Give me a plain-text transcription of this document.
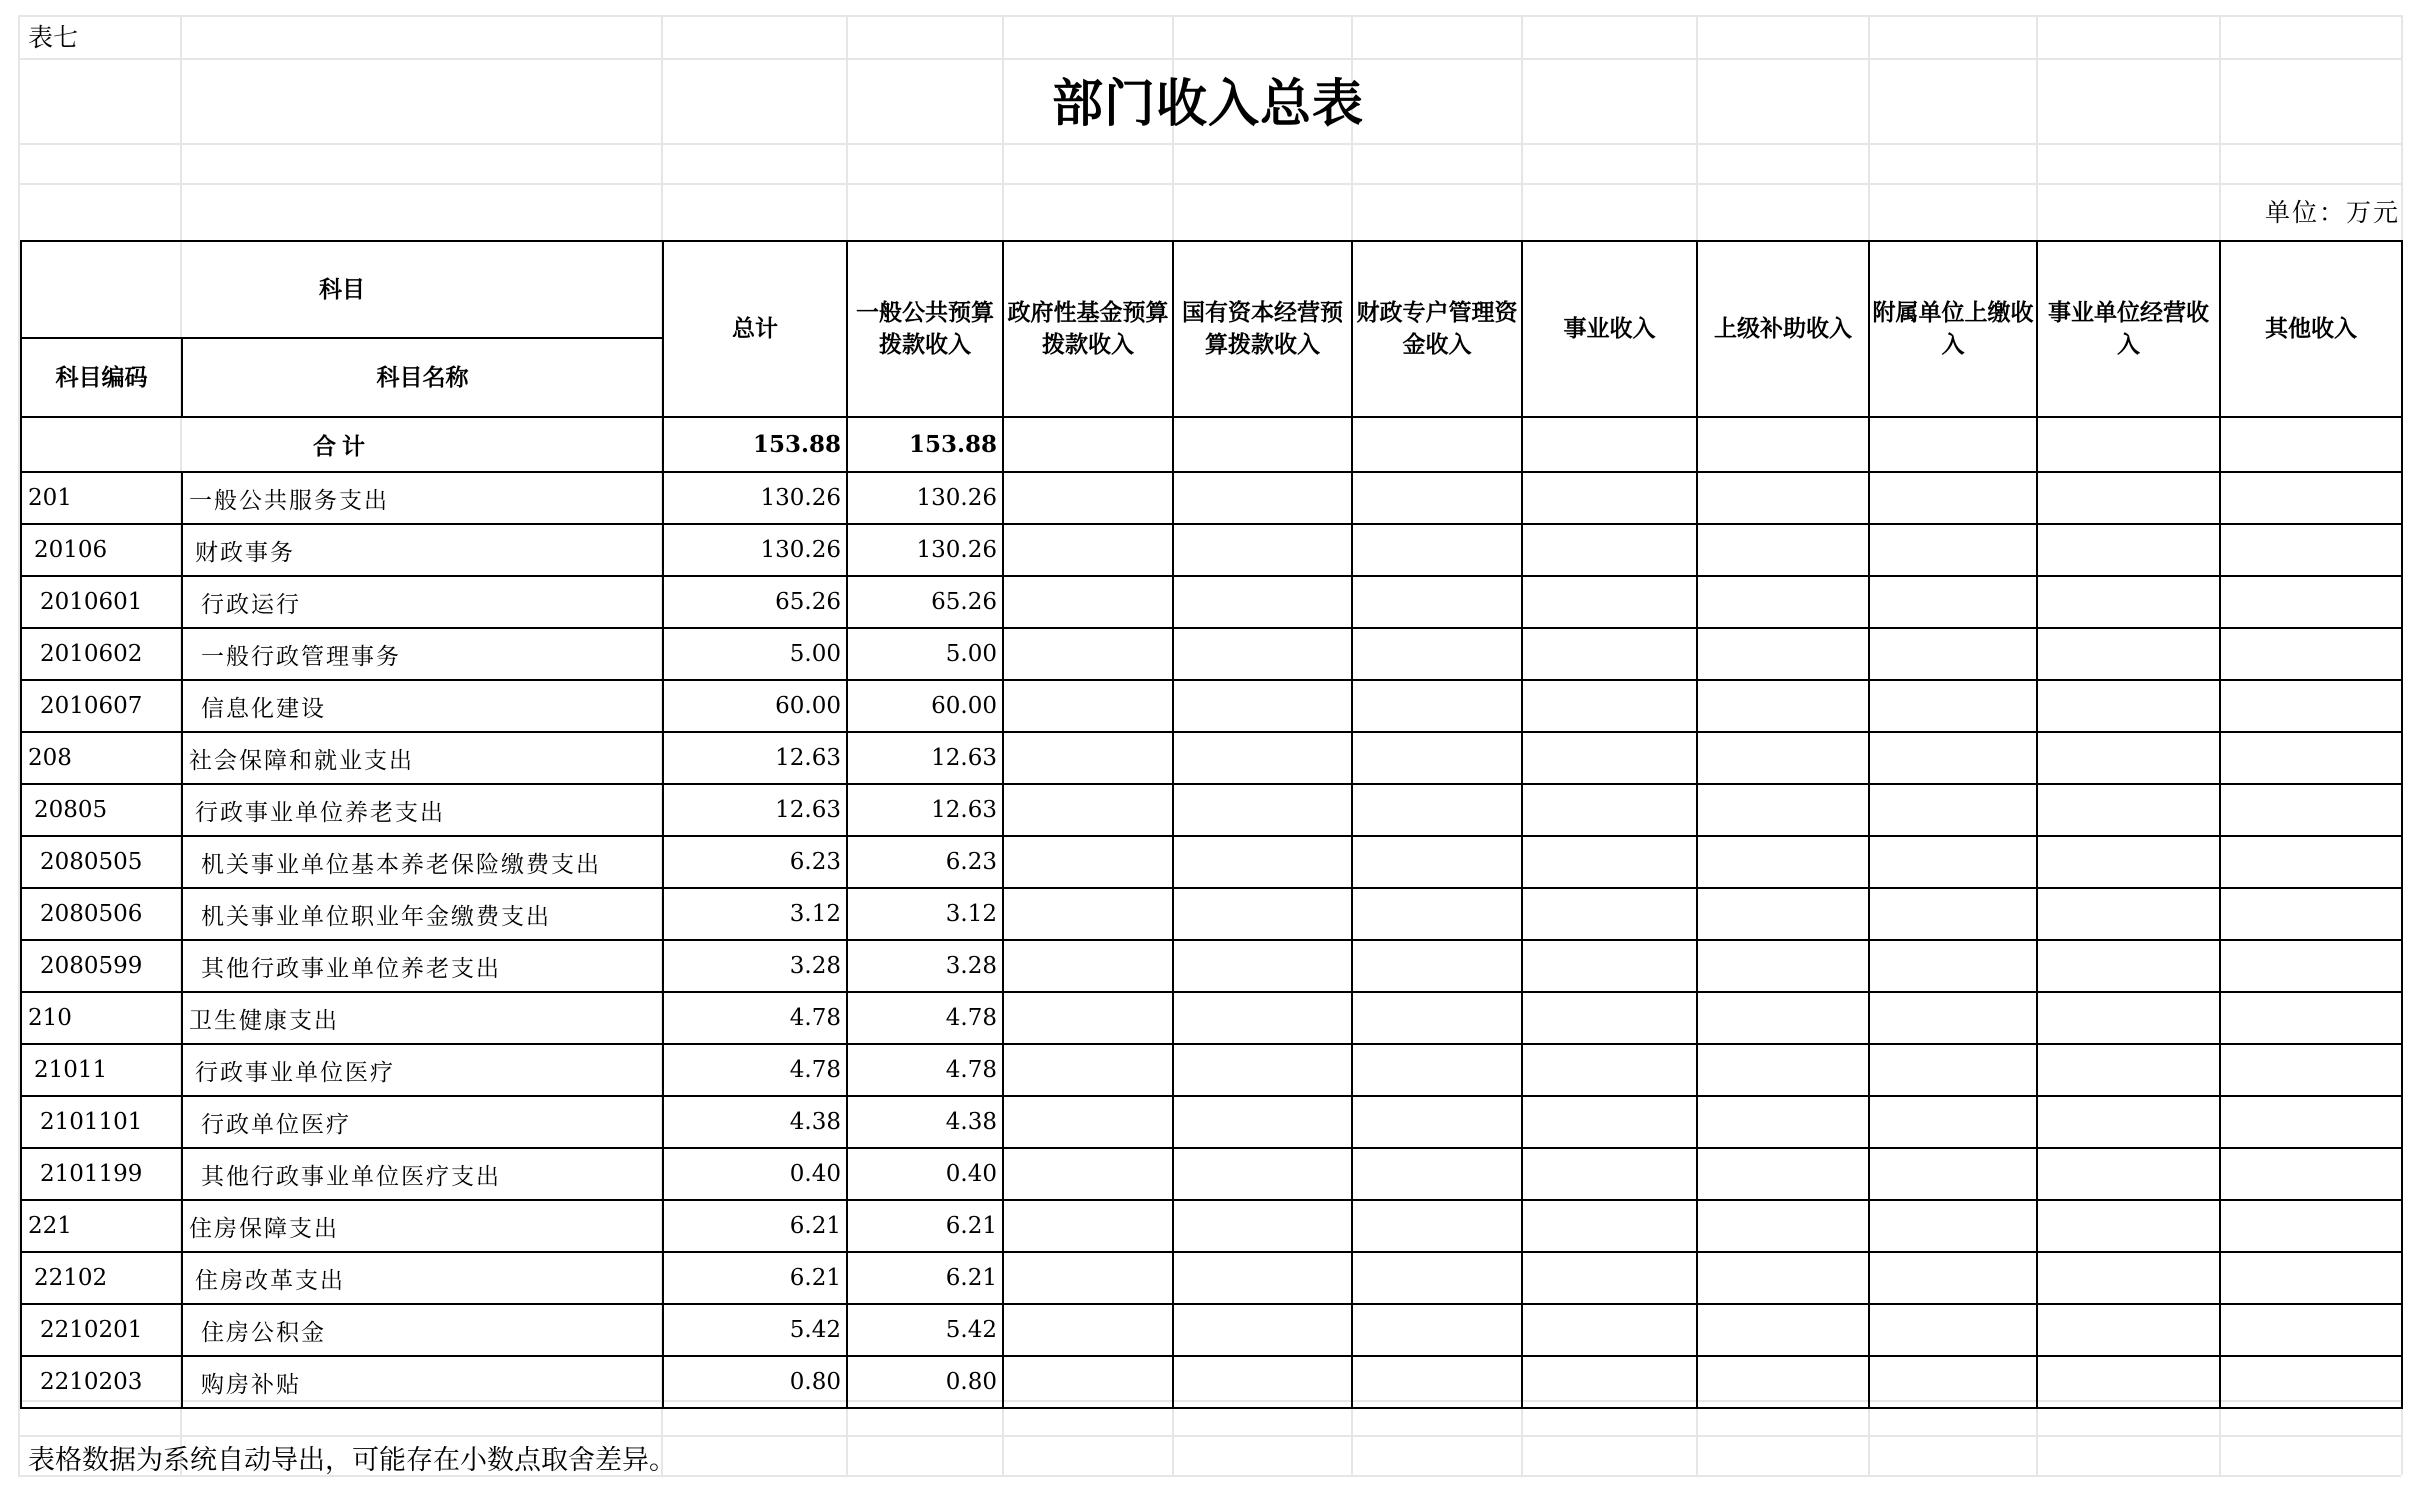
表七
部门收入总表
单位：万元
科目		总计	一般公共预算拨款收入	政府性基金预算拨款收入	国有资本经营预算拨款收入	财政专户管理资金收入	事业收入	上级补助收入	附属单位上缴收入	事业单位经营收入	其他收入
科目编码	科目名称										
合计		153.88	153.88								
201	一般公共服务支出	130.26	130.26								
20106	财政事务	130.26	130.26								
2010601	行政运行	65.26	65.26								
2010602	一般行政管理事务	5.00	5.00								
2010607	信息化建设	60.00	60.00								
208	社会保障和就业支出	12.63	12.63								
20805	行政事业单位养老支出	12.63	12.63								
2080505	机关事业单位基本养老保险缴费支出	6.23	6.23								
2080506	机关事业单位职业年金缴费支出	3.12	3.12								
2080599	其他行政事业单位养老支出	3.28	3.28								
210	卫生健康支出	4.78	4.78								
21011	行政事业单位医疗	4.78	4.78								
2101101	行政单位医疗	4.38	4.38								
2101199	其他行政事业单位医疗支出	0.40	0.40								
221	住房保障支出	6.21	6.21								
22102	住房改革支出	6.21	6.21								
2210201	住房公积金	5.42	5.42								
2210203	购房补贴	0.80	0.80								
表格数据为系统自动导出，可能存在小数点取舍差异。
